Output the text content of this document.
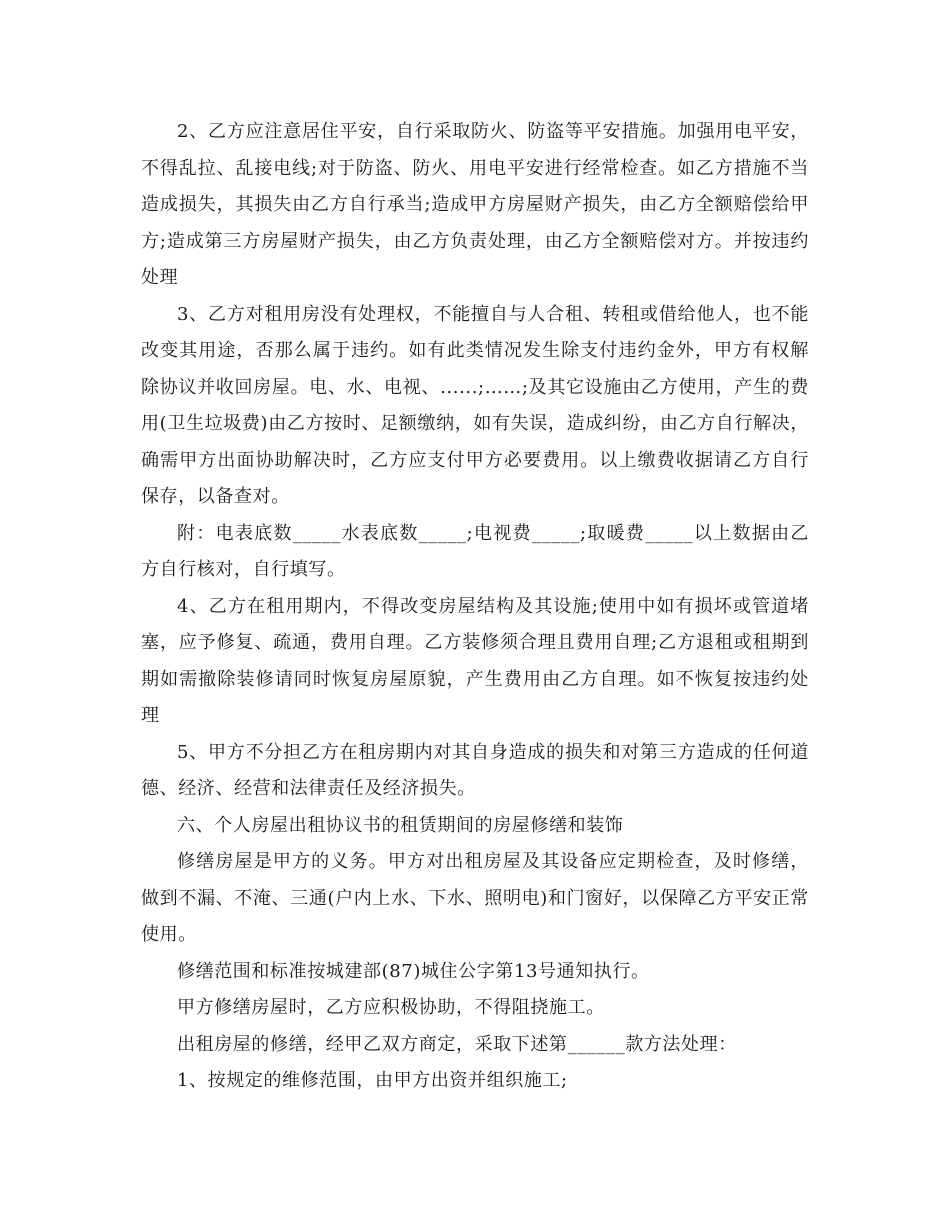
2、乙方应注意居住平安，自行采取防火、防盗等平安措施。加强用电平安，不得乱拉、乱接电线;对于防盗、防火、用电平安进行经常检查。如乙方措施不当造成损失，其损失由乙方自行承当;造成甲方房屋财产损失，由乙方全额赔偿给甲方;造成第三方房屋财产损失，由乙方负责处理，由乙方全额赔偿对方。并按违约处理

3、乙方对租用房没有处理权，不能擅自与人合租、转租或借给他人，也不能改变其用途，否那么属于违约。如有此类情况发生除支付违约金外，甲方有权解除协议并收回房屋。电、水、电视、......;……;及其它设施由乙方使用，产生的费用(卫生垃圾费)由乙方按时、足额缴纳，如有失误，造成纠纷，由乙方自行解决，确需甲方出面协助解决时，乙方应支付甲方必要费用。以上缴费收据请乙方自行保存，以备查对。

附：电表底数_____水表底数_____;电视费_____;取暖费_____以上数据由乙方自行核对，自行填写。

4、乙方在租用期内，不得改变房屋结构及其设施;使用中如有损坏或管道堵塞，应予修复、疏通，费用自理。乙方装修须合理且费用自理;乙方退租或租期到期如需撤除装修请同时恢复房屋原貌，产生费用由乙方自理。如不恢复按违约处理

5、甲方不分担乙方在租房期内对其自身造成的损失和对第三方造成的任何道德、经济、经营和法律责任及经济损失。

六、个人房屋出租协议书的租赁期间的房屋修缮和装饰

修缮房屋是甲方的义务。甲方对出租房屋及其设备应定期检查，及时修缮，做到不漏、不淹、三通(户内上水、下水、照明电)和门窗好，以保障乙方平安正常使用。

修缮范围和标准按城建部(87)城住公字第13号通知执行。

甲方修缮房屋时，乙方应积极协助，不得阻挠施工。

出租房屋的修缮，经甲乙双方商定，采取下述第______款方法处理：

1、按规定的维修范围，由甲方出资并组织施工;
